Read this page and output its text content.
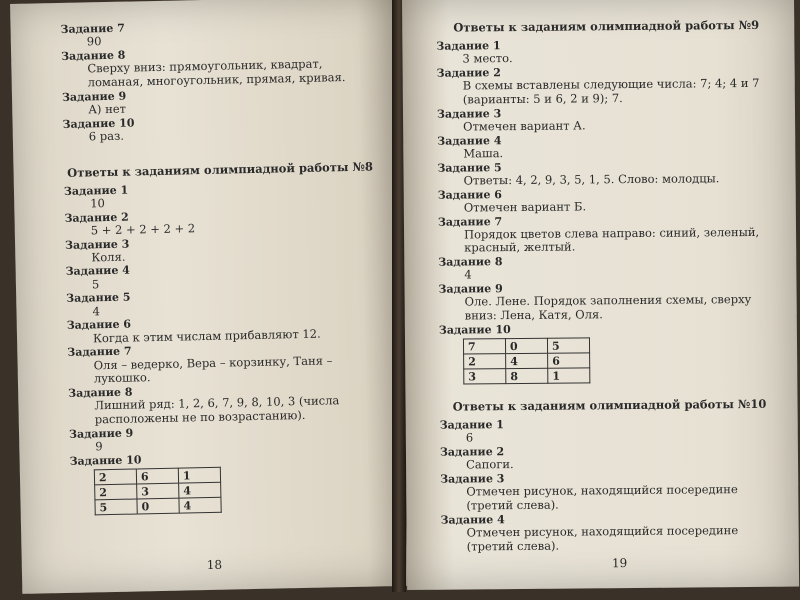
Задание 7
90
Задание 8
Сверху вниз: прямоугольник, квадрат, ломаная, многоугольник, прямая, кривая.
Задание 9
А) нет
Задание 10
6 раз.
Ответы к заданиям олимпиадной работы №8
Задание 1
10
Задание 2
5 + 2 + 2 + 2 + 2
Задание 3
Коля.
Задание 4
5
Задание 5
4
Задание 6
Когда к этим числам прибавляют 12.
Задание 7
Оля – ведерко, Вера – корзинку, Таня – лукошко.
Задание 8
Лишний ряд: 1, 2, 6, 7, 9, 8, 10, 3 (числа расположены не по возрастанию).
Задание 9
9
Задание 10
2	6	1
2	3	4
5	0	4
18
Ответы к заданиям олимпиадной работы №9
Задание 1
3 место.
Задание 2
В схемы вставлены следующие числа: 7; 4; 4 и 7 (варианты: 5 и 6, 2 и 9); 7.
Задание 3
Отмечен вариант А.
Задание 4
Маша.
Задание 5
Ответы: 4, 2, 9, 3, 5, 1, 5. Слово: молодцы.
Задание 6
Отмечен вариант Б.
Задание 7
Порядок цветов слева направо: синий, зеленый, красный, желтый.
Задание 8
4
Задание 9
Оле. Лене. Порядок заполнения схемы, сверху вниз: Лена, Катя, Оля.
Задание 10
7	0	5
2	4	6
3	8	1
Ответы к заданиям олимпиадной работы №10
Задание 1
6
Задание 2
Сапоги.
Задание 3
Отмечен рисунок, находящийся посередине (третий слева).
Задание 4
Отмечен рисунок, находящийся посередине (третий слева).
19
